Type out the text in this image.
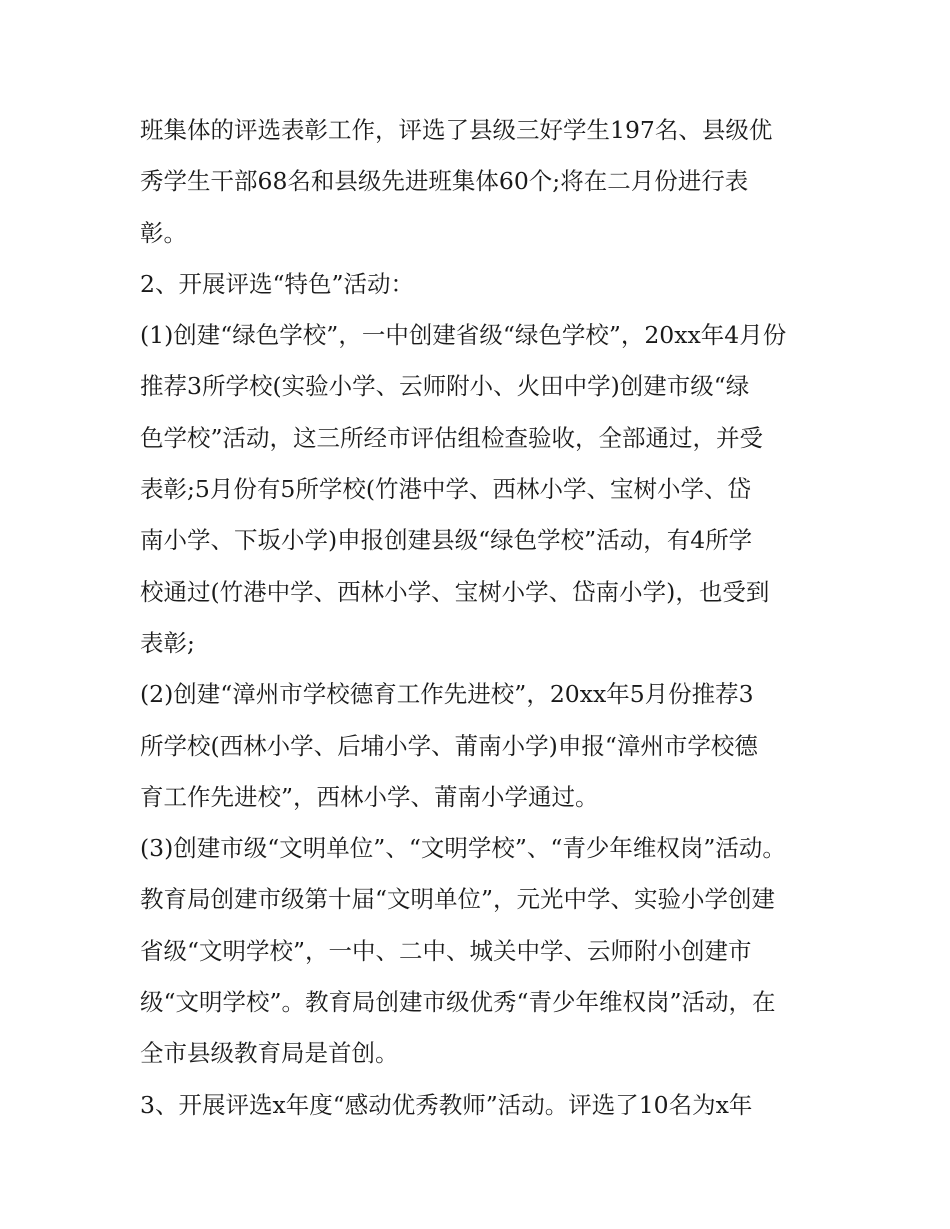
班集体的评选表彰工作，评选了县级三好学生197名、县级优
秀学生干部68名和县级先进班集体60个;将在二月份进行表
彰。
2、开展评选“特色”活动：
(1)创建“绿色学校”，一中创建省级“绿色学校”，20xx年4月份
推荐3所学校(实验小学、云师附小、火田中学)创建市级“绿
色学校”活动，这三所经市评估组检查验收，全部通过，并受
表彰;5月份有5所学校(竹港中学、西林小学、宝树小学、岱
南小学、下坂小学)申报创建县级“绿色学校”活动，有4所学
校通过(竹港中学、西林小学、宝树小学、岱南小学)，也受到
表彰;
(2)创建“漳州市学校德育工作先进校”，20xx年5月份推荐3
所学校(西林小学、后埔小学、莆南小学)申报“漳州市学校德
育工作先进校”，西林小学、莆南小学通过。
(3)创建市级“文明单位”、“文明学校”、“青少年维权岗”活动。
教育局创建市级第十届“文明单位”，元光中学、实验小学创建
省级“文明学校”，一中、二中、城关中学、云师附小创建市
级“文明学校”。教育局创建市级优秀“青少年维权岗”活动，在
全市县级教育局是首创。
3、开展评选x年度“感动优秀教师”活动。评选了10名为x年
